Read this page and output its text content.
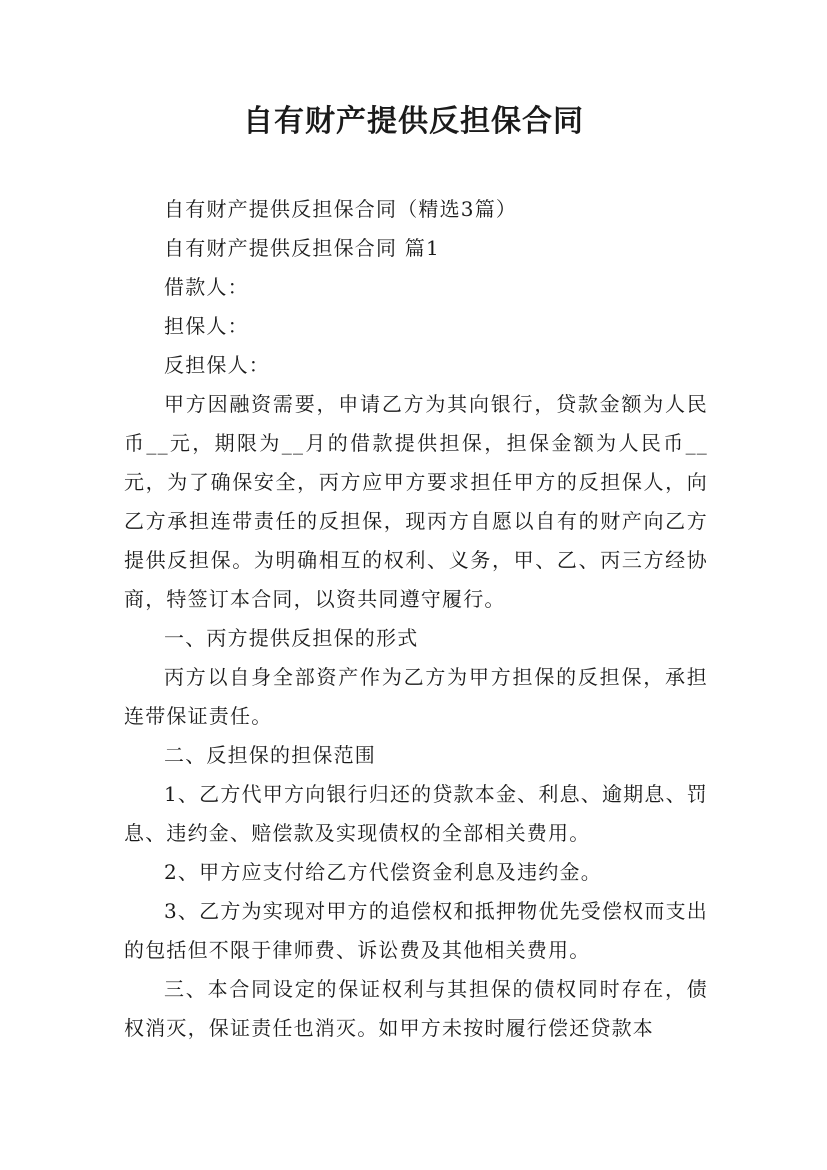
自有财产提供反担保合同

自有财产提供反担保合同（精选3篇）

自有财产提供反担保合同 篇1

借款人：

担保人：

反担保人：

甲方因融资需要，申请乙方为其向银行，贷款金额为人民币__元，期限为__月的借款提供担保，担保金额为人民币__元，为了确保安全，丙方应甲方要求担任甲方的反担保人，向乙方承担连带责任的反担保，现丙方自愿以自有的财产向乙方提供反担保。为明确相互的权利、义务，甲、乙、丙三方经协商，特签订本合同，以资共同遵守履行。

一、丙方提供反担保的形式

丙方以自身全部资产作为乙方为甲方担保的反担保，承担连带保证责任。

二、反担保的担保范围

1、乙方代甲方向银行归还的贷款本金、利息、逾期息、罚息、违约金、赔偿款及实现债权的全部相关费用。

2、甲方应支付给乙方代偿资金利息及违约金。

3、乙方为实现对甲方的追偿权和抵押物优先受偿权而支出的包括但不限于律师费、诉讼费及其他相关费用。

三、本合同设定的保证权利与其担保的债权同时存在，债权消灭，保证责任也消灭。如甲方未按时履行偿还贷款本
